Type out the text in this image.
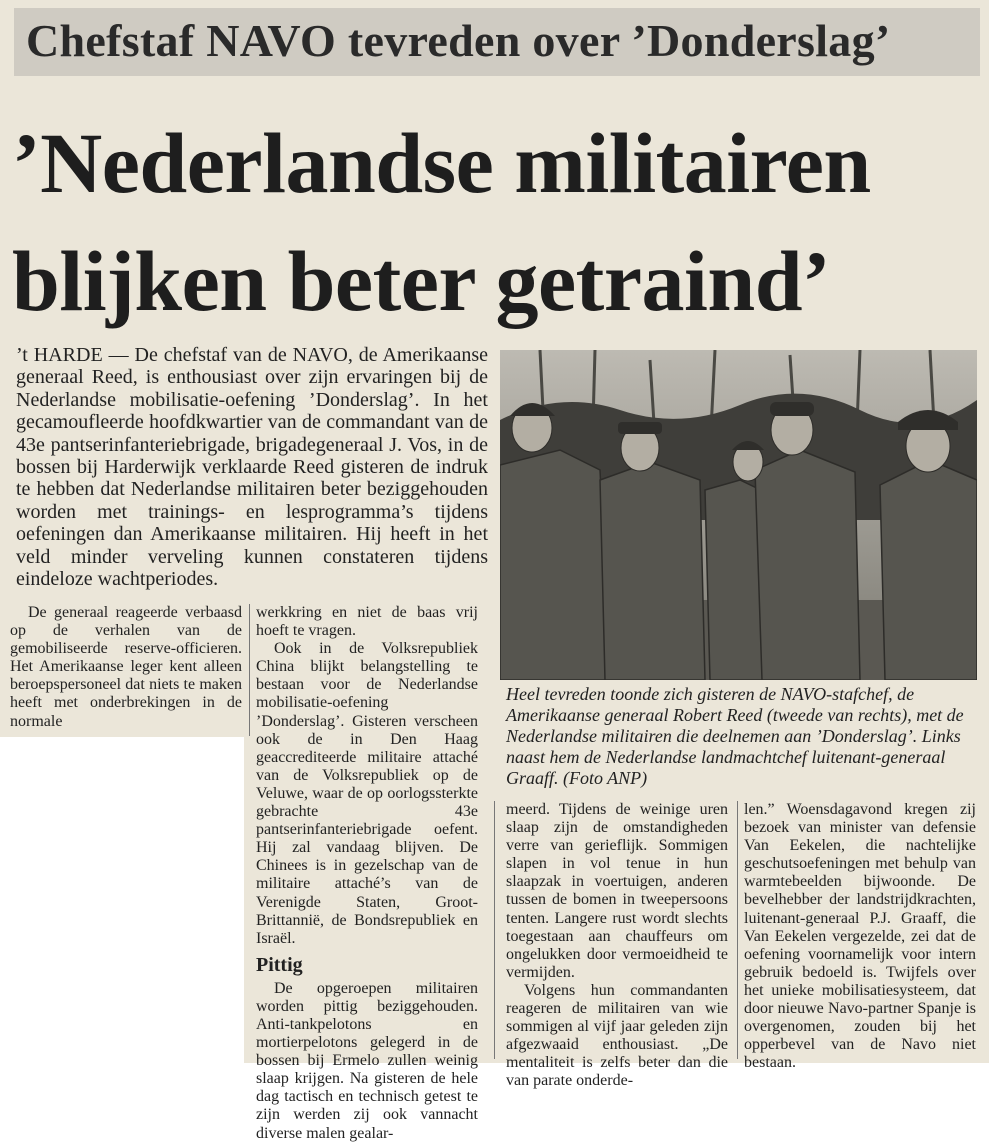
Chefstaf NAVO tevreden over ’Donderslag’
’Nederlandse militairen
blijken beter getraind’
’t HARDE — De chefstaf van de NAVO, de Amerikaanse generaal Reed, is enthousiast over zijn ervaringen bij de Nederlandse mobilisatie-oefening ’Donderslag’. In het gecamoufleerde hoofdkwartier van de commandant van de 43e pantserinfanteriebrigade, brigadegeneraal J. Vos, in de bossen bij Harderwijk verklaarde Reed gisteren de indruk te hebben dat Nederlandse militairen beter beziggehouden worden met trainings- en lesprogramma’s tijdens oefeningen dan Amerikaanse militairen. Hij heeft in het veld minder verveling kunnen constateren tijdens eindeloze wachtperiodes.
Heel tevreden toonde zich gisteren de NAVO-stafchef, de Amerikaanse generaal Robert Reed (tweede van rechts), met de Nederlandse militairen die deelnemen aan ’Donderslag’. Links naast hem de Nederlandse landmachtchef luitenant-generaal Graaff. (Foto ANP)

De generaal reageerde verbaasd op de verhalen van de gemobiliseerde reserve-officieren. Het Amerikaanse leger kent alleen beroepspersoneel dat niets te maken heeft met onderbrekingen in de normale

werkkring en niet de baas vrij hoeft te vragen.

Ook in de Volksrepubliek China blijkt belangstelling te bestaan voor de Nederlandse mobilisatie-oefening ’Donderslag’. Gisteren verscheen ook de in Den Haag geaccrediteerde militaire attaché van de Volksrepubliek op de Veluwe, waar de op oorlogssterkte gebrachte 43e pantserinfanteriebrigade oefent. Hij zal vandaag blijven. De Chinees is in gezelschap van de militaire attaché’s van de Verenigde Staten, Groot-Brittannië, de Bondsrepubliek en Israël.

Pittig

De opgeroepen militairen worden pittig beziggehouden. Anti-tankpelotons en mortierpelotons gelegerd in de bossen bij Ermelo zullen weinig slaap krijgen. Na gisteren de hele dag tactisch en technisch getest te zijn werden zij ook vannacht diverse malen gealar-

meerd. Tijdens de weinige uren slaap zijn de omstandigheden verre van gerieflijk. Sommigen slapen in vol tenue in hun slaapzak in voertuigen, anderen tussen de bomen in tweepersoons tenten. Langere rust wordt slechts toegestaan aan chauffeurs om ongelukken door vermoeidheid te vermijden.

Volgens hun commandanten reageren de militairen van wie sommigen al vijf jaar geleden zijn afgezwaaid enthousiast. „De mentaliteit is zelfs beter dan die van parate onderde-

len.” Woensdagavond kregen zij bezoek van minister van defensie Van Eekelen, die nachtelijke geschutsoefeningen met behulp van warmtebeelden bijwoonde. De bevelhebber der landstrijdkrachten, luitenant-generaal P.J. Graaff, die Van Eekelen vergezelde, zei dat de oefening voornamelijk voor intern gebruik bedoeld is. Twijfels over het unieke mobilisatiesysteem, dat door nieuwe Navo-partner Spanje is overgenomen, zouden bij het opperbevel van de Navo niet bestaan.
